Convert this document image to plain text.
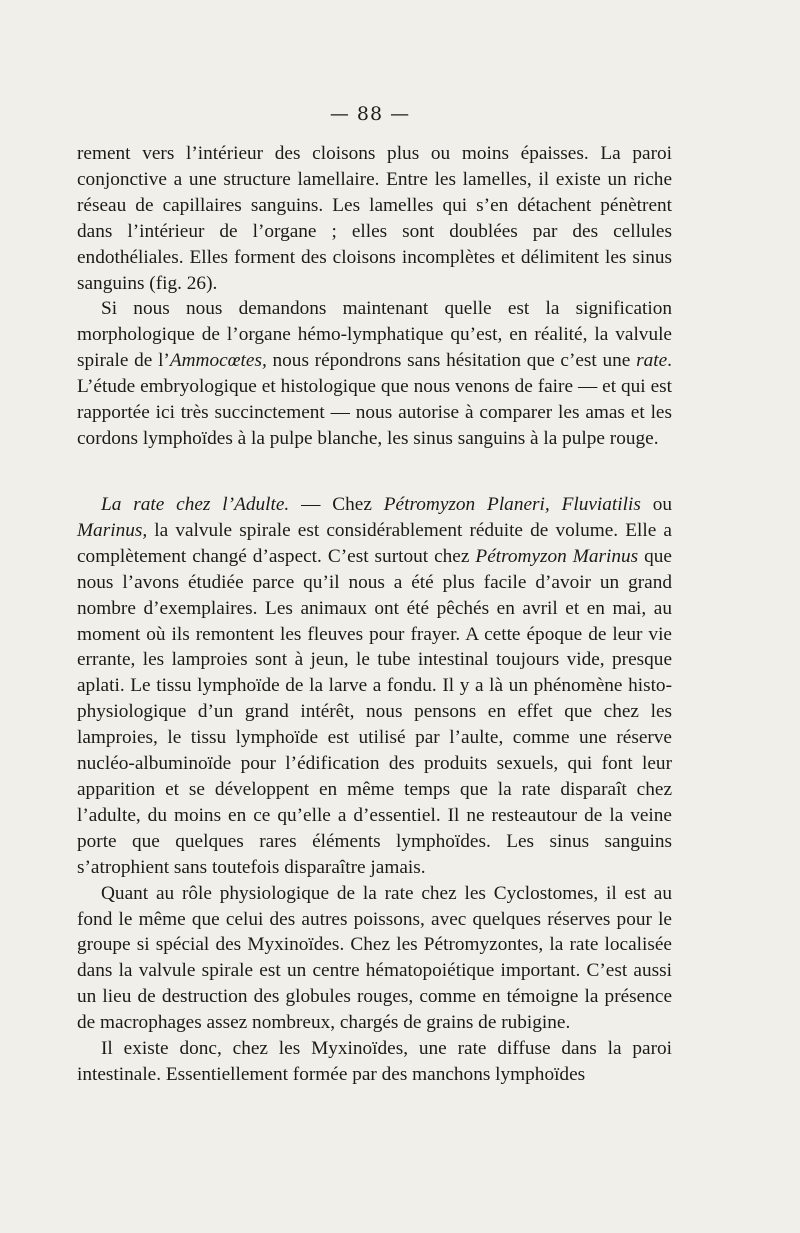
— 88 —

rement vers l’intérieur des cloisons plus ou moins épaisses. La paroi conjonctive a une structure lamellaire. Entre les lamelles, il existe un riche réseau de capillaires sanguins. Les lamelles qui s’en détachent pénètrent dans l’intérieur de l’organe ; elles sont doublées par des cellules endothéliales. Elles forment des cloisons incomplètes et délimitent les sinus sanguins (fig. 26).

Si nous nous demandons maintenant quelle est la signification morphologique de l’organe hémo-lymphatique qu’est, en réalité, la valvule spirale de l’Ammocœtes, nous répondrons sans hésitation que c’est une rate. L’étude embryologique et histologique que nous venons de faire — et qui est rapportée ici très succinctement — nous autorise à comparer les amas et les cordons lymphoïdes à la pulpe blanche, les sinus sanguins à la pulpe rouge.

La rate chez l’Adulte. — Chez Pétromyzon Planeri, Fluviatilis ou Marinus, la valvule spirale est considérablement réduite de volume. Elle a complètement changé d’aspect. C’est surtout chez Pétromyzon Marinus que nous l’avons étudiée parce qu’il nous a été plus facile d’avoir un grand nombre d’exemplaires. Les animaux ont été pêchés en avril et en mai, au moment où ils remontent les fleuves pour frayer. A cette époque de leur vie errante, les lamproies sont à jeun, le tube intestinal toujours vide, presque aplati. Le tissu lymphoïde de la larve a fondu. Il y a là un phénomène histo-physiologique d’un grand intérêt, nous pensons en effet que chez les lamproies, le tissu lymphoïde est utilisé par l’aulte, comme une réserve nucléo-albuminoïde pour l’édification des produits sexuels, qui font leur apparition et se développent en même temps que la rate disparaît chez l’adulte, du moins en ce qu’elle a d’essentiel. Il ne resteautour de la veine porte que quelques rares éléments lymphoïdes. Les sinus sanguins s’atrophient sans toutefois disparaître jamais.

Quant au rôle physiologique de la rate chez les Cyclostomes, il est au fond le même que celui des autres poissons, avec quelques réserves pour le groupe si spécial des Myxinoïdes. Chez les Pétromyzontes, la rate localisée dans la valvule spirale est un centre hématopoiétique important. C’est aussi un lieu de destruction des globules rouges, comme en témoigne la présence de macrophages assez nombreux, chargés de grains de rubigine.

Il existe donc, chez les Myxinoïdes, une rate diffuse dans la paroi intestinale. Essentiellement formée par des manchons lymphoïdes
